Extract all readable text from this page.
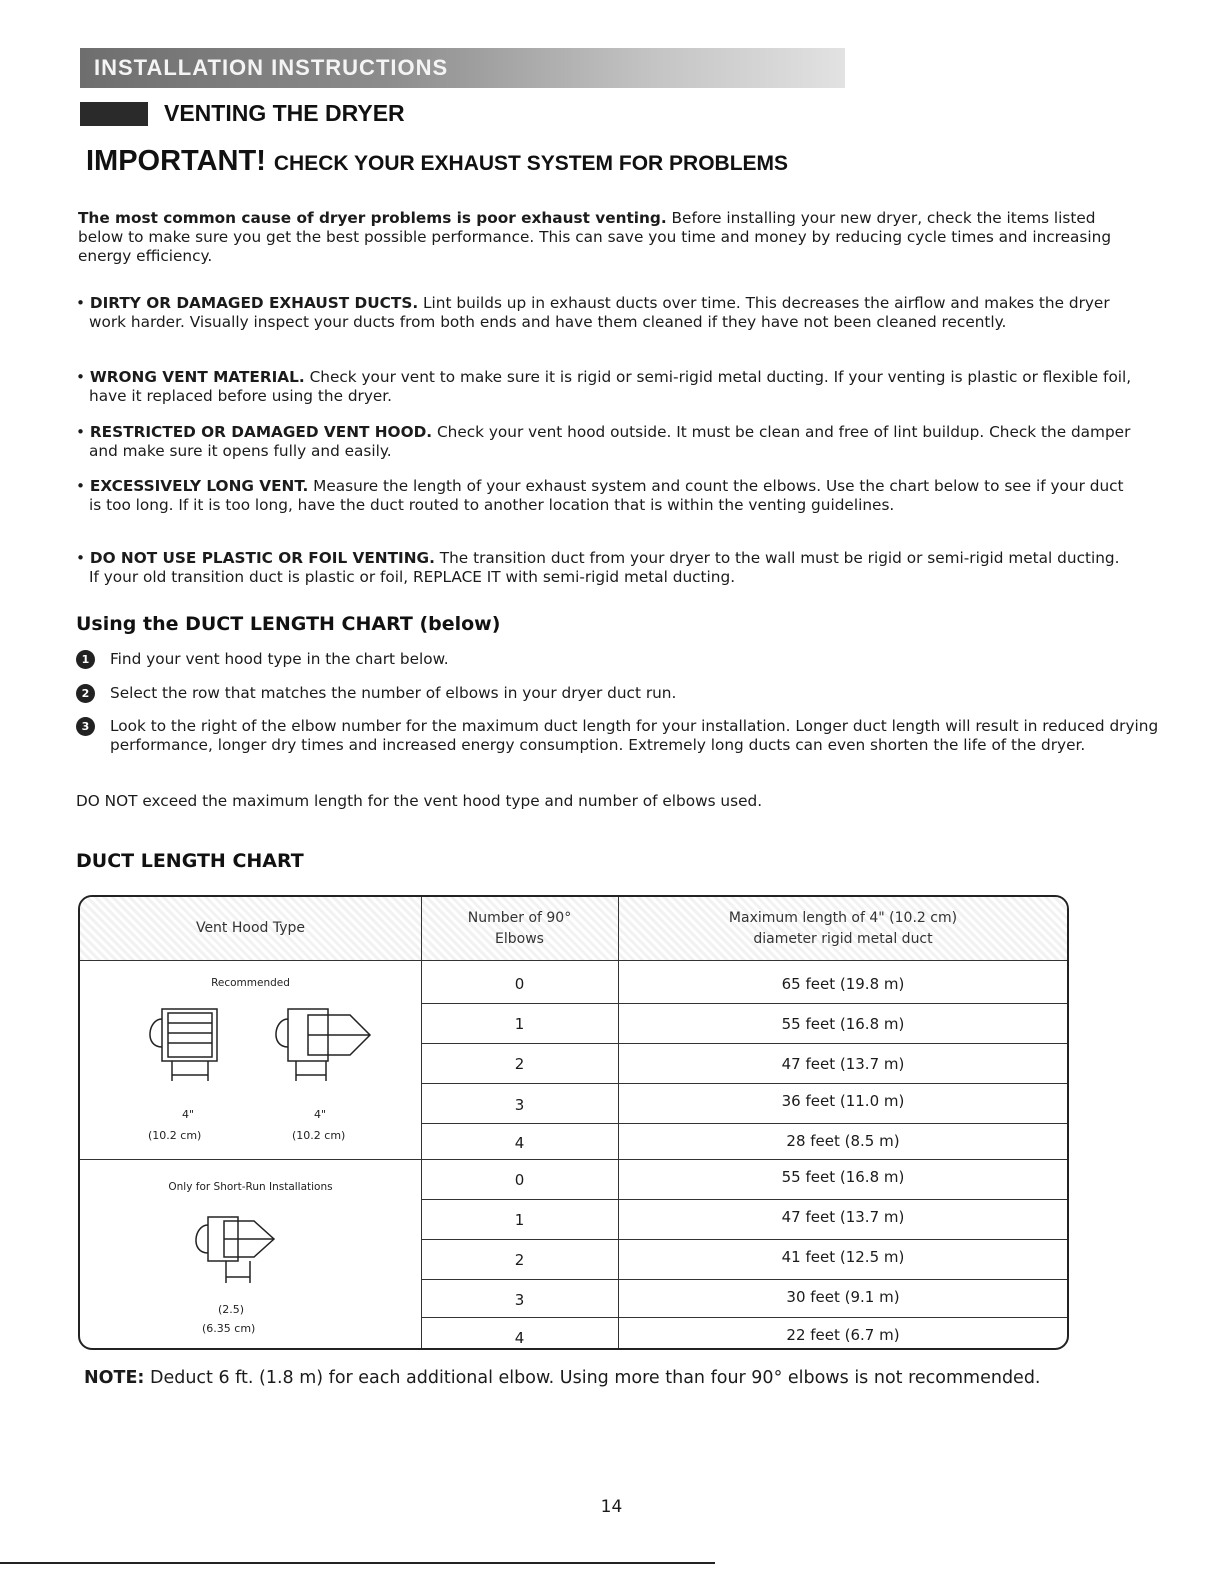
INSTALLATION INSTRUCTIONS
VENTING THE DRYER
IMPORTANT! CHECK YOUR EXHAUST SYSTEM FOR PROBLEMS
The most common cause of dryer problems is poor exhaust venting. Before installing your new dryer, check the items listed below to make sure you get the best possible performance. This can save you time and money by reducing cycle times and increasing energy efficiency.
• DIRTY OR DAMAGED EXHAUST DUCTS. Lint builds up in exhaust ducts over time. This decreases the airflow and makes the dryer work harder. Visually inspect your ducts from both ends and have them cleaned if they have not been cleaned recently.
• WRONG VENT MATERIAL. Check your vent to make sure it is rigid or semi-rigid metal ducting. If your venting is plastic or flexible foil, have it replaced before using the dryer.
• RESTRICTED OR DAMAGED VENT HOOD. Check your vent hood outside. It must be clean and free of lint buildup. Check the damper and make sure it opens fully and easily.
• EXCESSIVELY LONG VENT. Measure the length of your exhaust system and count the elbows. Use the chart below to see if your duct is too long. If it is too long, have the duct routed to another location that is within the venting guidelines.
• DO NOT USE PLASTIC OR FOIL VENTING. The transition duct from your dryer to the wall must be rigid or semi-rigid metal ducting. If your old transition duct is plastic or foil, REPLACE IT with semi-rigid metal ducting.
Using the DUCT LENGTH CHART (below)
1	Find your vent hood type in the chart below.
2	Select the row that matches the number of elbows in your dryer duct run.
3	Look to the right of the elbow number for the maximum duct length for your installation. Longer duct length will result in reduced drying performance, longer dry times and increased energy consumption. Extremely long ducts can even shorten the life of the dryer.
DO NOT exceed the maximum length for the vent hood type and number of elbows used.
DUCT LENGTH CHART
Vent Hood Type
Number of 90°
Elbows
Maximum length of 4" (10.2 cm)
diameter rigid metal duct
Recommended
4"
(10.2 cm)
4"
(10.2 cm)
0	65 feet (19.8 m)
1	55 feet (16.8 m)
2	47 feet (13.7 m)
3	36 feet (11.0 m)
4	28 feet (8.5 m)
Only for Short-Run Installations
(2.5)
(6.35 cm)
0	55 feet (16.8 m)
1	47 feet (13.7 m)
2	41 feet (12.5 m)
3	30 feet (9.1 m)
4	22 feet (6.7 m)
NOTE: Deduct 6 ft. (1.8 m) for each additional elbow. Using more than four 90° elbows is not recommended.
14
